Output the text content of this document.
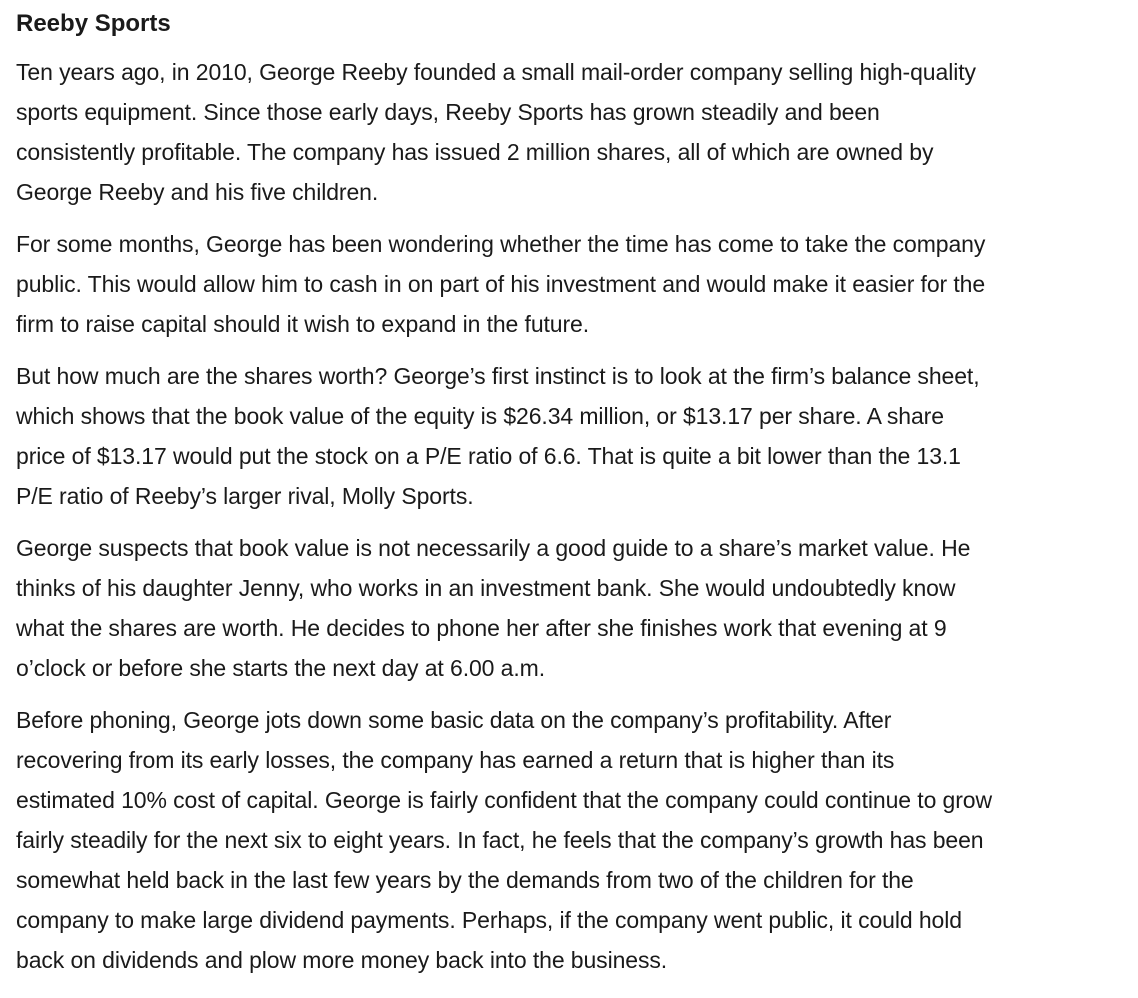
Reeby Sports

Ten years ago, in 2010, George Reeby founded a small mail-order company selling high-quality
sports equipment. Since those early days, Reeby Sports has grown steadily and been
consistently profitable. The company has issued 2 million shares, all of which are owned by
George Reeby and his five children.

For some months, George has been wondering whether the time has come to take the company
public. This would allow him to cash in on part of his investment and would make it easier for the
firm to raise capital should it wish to expand in the future.

But how much are the shares worth? George’s first instinct is to look at the firm’s balance sheet,
which shows that the book value of the equity is $26.34 million, or $13.17 per share. A share
price of $13.17 would put the stock on a P/E ratio of 6.6. That is quite a bit lower than the 13.1
P/E ratio of Reeby’s larger rival, Molly Sports.

George suspects that book value is not necessarily a good guide to a share’s market value. He
thinks of his daughter Jenny, who works in an investment bank. She would undoubtedly know
what the shares are worth. He decides to phone her after she finishes work that evening at 9
o’clock or before she starts the next day at 6.00 a.m.

Before phoning, George jots down some basic data on the company’s profitability. After
recovering from its early losses, the company has earned a return that is higher than its
estimated 10% cost of capital. George is fairly confident that the company could continue to grow
fairly steadily for the next six to eight years. In fact, he feels that the company’s growth has been
somewhat held back in the last few years by the demands from two of the children for the
company to make large dividend payments. Perhaps, if the company went public, it could hold
back on dividends and plow more money back into the business.
